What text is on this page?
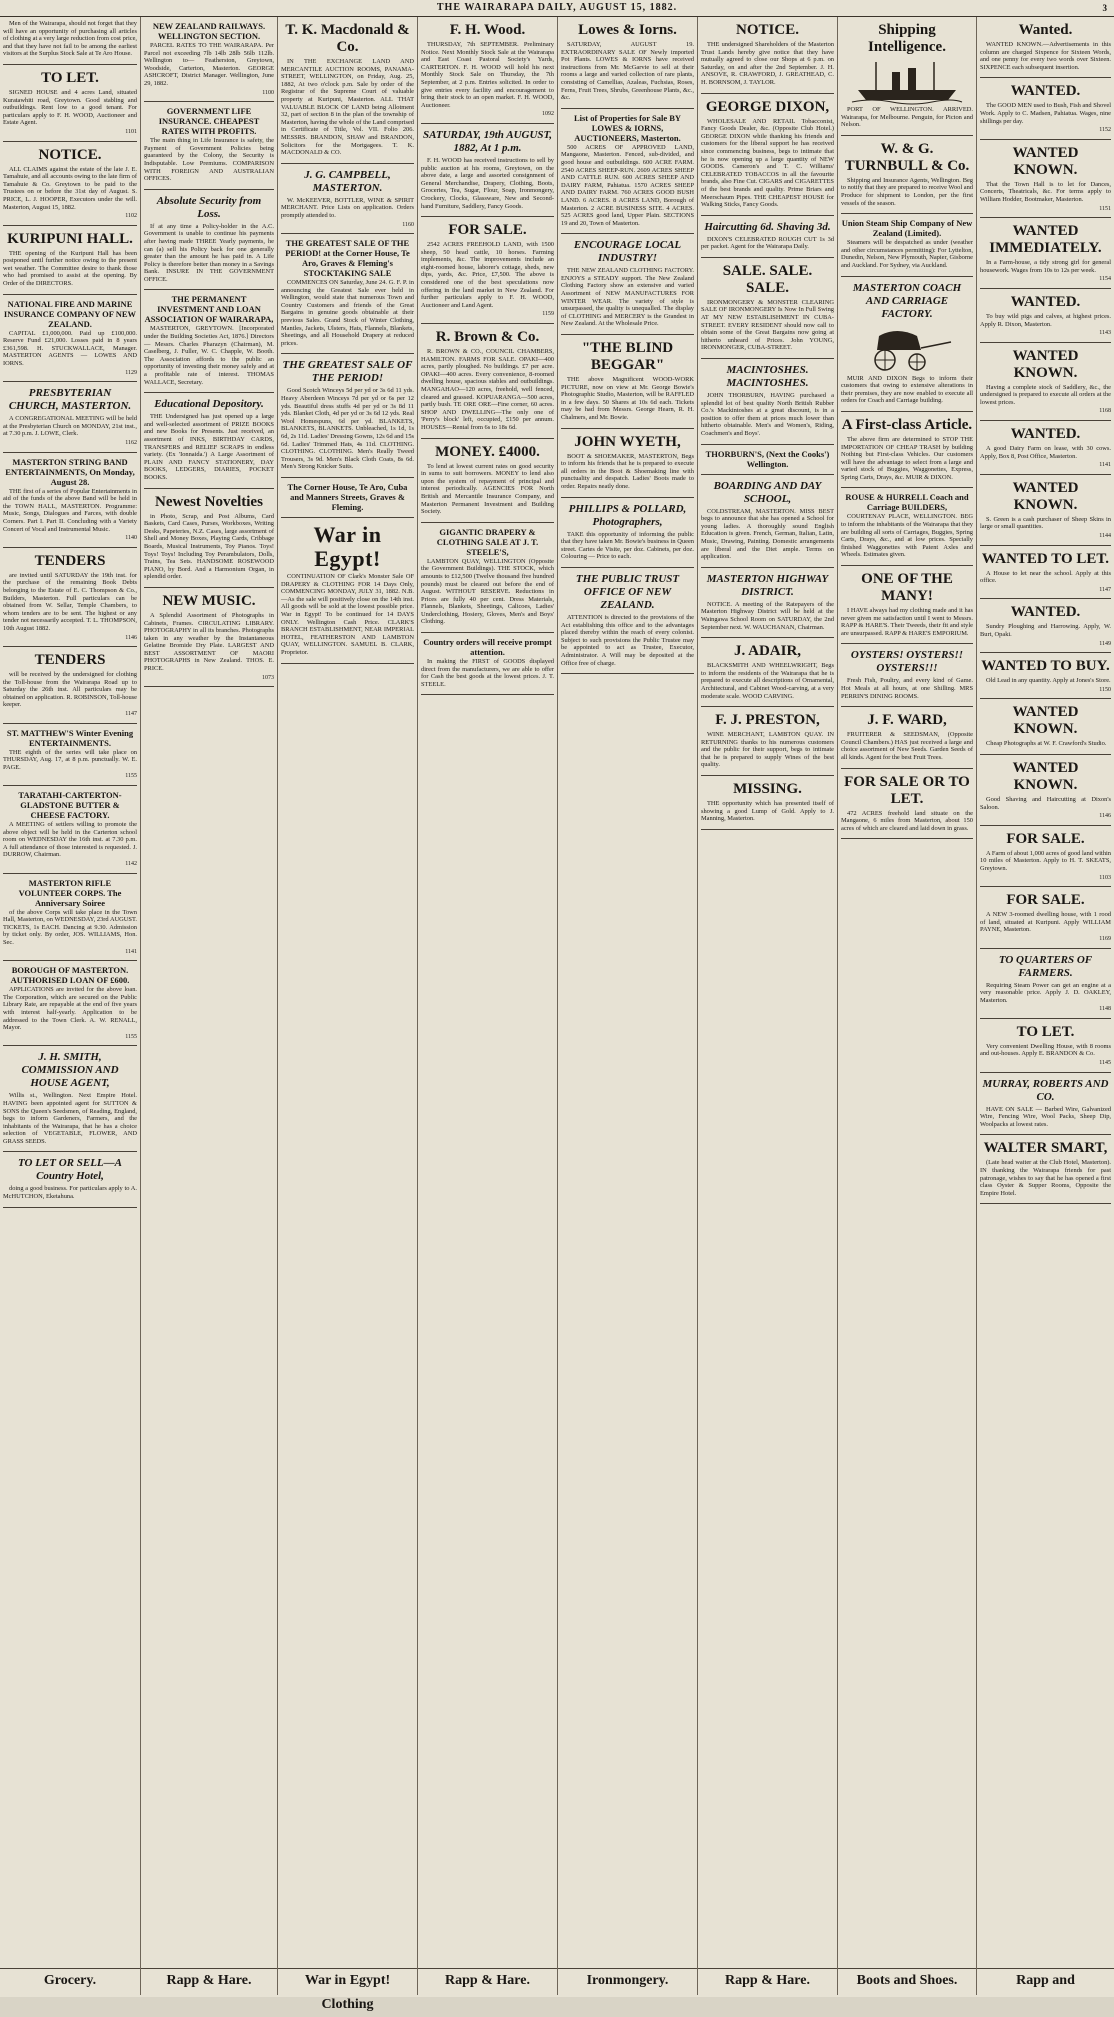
THE WAIRARAPA DAILY, AUGUST 15, 1882.	3

Men of the Wairarapa, should not forget that they will have an opportunity of purchasing all articles of clothing at a very large reduction from cost price, and that they have not fail to be among the earliest visitors at the Surplus Stock Sale at Te Aro House.

TO LET.

SIGNED HOUSE and 4 acres Land, situated Kuratawhiti road, Greytown. Good stabling and outbuildings. Rent low to a good tenant. For particulars apply to F. H. WOOD, Auctioneer and Estate Agent.

1101
NOTICE.

ALL CLAIMS against the estate of the late J. E. Tamahuie, and all accounts owing to the late firm of Tamahuie & Co. Greytown to be paid to the Trustees on or before the 31st day of August. S. PRICE, L. J. HOOPER, Executors under the will. Masterton, August 15, 1882.

1102
KURIPUNI HALL.

THE opening of the Kuripuni Hall has been postponed until further notice owing to the present wet weather. The Committee desire to thank those who had promised to assist at the opening. By Order of the DIRECTORS.

NATIONAL FIRE AND MARINE INSURANCE COMPANY OF NEW ZEALAND.

CAPITAL £1,000,000. Paid up £100,000. Reserve Fund £21,000. Losses paid in 8 years £361,598. H. STUCKWALLACE, Manager. MASTERTON AGENTS — LOWES AND IORNS.

1129
PRESBYTERIAN CHURCH, MASTERTON.

A CONGREGATIONAL MEETING will be held at the Presbyterian Church on MONDAY, 21st inst., at 7.30 p.m. J. LOWE, Clerk.

1162
MASTERTON STRING BAND ENTERTAINMENTS, On Monday, August 28.

THE first of a series of Popular Entertainments in aid of the funds of the above Band will be held in the TOWN HALL, MASTERTON. Programme: Music, Songs, Dialogues and Farces, with double Corners. Part I. Part II. Concluding with a Variety Concert of Vocal and Instrumental Music.

1140
TENDERS

are invited until SATURDAY the 19th inst. for the purchase of the remaining Book Debts belonging to the Estate of E. C. Thompson & Co., Builders, Masterton. Full particulars can be obtained from W. Sellar, Temple Chambers, to whom tenders are to be sent. The highest or any tender not necessarily accepted. T. L. THOMPSON, 10th August 1882.

1146
TENDERS

will be received by the undersigned for clothing the Toll-house from the Wairarapa Road up to Saturday the 26th inst. All particulars may be obtained on application. R. ROBINSON, Toll-house keeper.

1147
ST. MATTHEW'S Winter Evening ENTERTAINMENTS.

THE eighth of the series will take place on THURSDAY, Aug. 17, at 8 p.m. punctually. W. E. PAGE.

1155
TARATAHI-CARTERTON-GLADSTONE BUTTER & CHEESE FACTORY.

A MEETING of settlers willing to promote the above object will be held in the Carterton school room on WEDNESDAY the 16th inst. at 7.30 p.m. A full attendance of those interested is requested. J. DURROW, Chairman.

1142
MASTERTON RIFLE VOLUNTEER CORPS. The Anniversary Soiree

of the above Corps will take place in the Town Hall, Masterton, on WEDNESDAY, 23rd AUGUST. TICKETS, 1s EACH. Dancing at 9.30. Admission by ticket only. By order, JOS. WILLIAMS, Hon. Sec.

1141
BOROUGH OF MASTERTON. AUTHORISED LOAN OF £600.

APPLICATIONS are invited for the above loan. The Corporation, which are secured on the Public Library Rate, are repayable at the end of five years with interest half-yearly. Application to be addressed to the Town Clerk. A. W. RENALL, Mayor.

1155
J. H. SMITH, COMMISSION AND HOUSE AGENT,

Willis st., Wellington. Next Empire Hotel. HAVING been appointed agent for SUTTON & SONS the Queen's Seedsmen, of Reading, England, begs to inform Gardeners, Farmers, and the inhabitants of the Wairarapa, that he has a choice selection of VEGETABLE, FLOWER, AND GRASS SEEDS.

TO LET OR SELL—A Country Hotel,

doing a good business. For particulars apply to A. McHUTCHON, Eketahuna.

Grocery.
NEW ZEALAND RAILWAYS. WELLINGTON SECTION.

PARCEL RATES TO THE WAIRARAPA. Per Parcel not exceeding 7lb 14lb 28lb 56lb 112lb. Wellington to— Featherston, Greytown, Woodside, Carterton, Masterton. GEORGE ASHCROFT, District Manager. Wellington, June 29, 1882.

1100
GOVERNMENT LIFE INSURANCE. CHEAPEST RATES WITH PROFITS.

The main thing in Life Insurance is safety, the Payment of Government Policies being guaranteed by the Colony, the Security is Indisputable. Low Premiums. COMPARISON WITH FOREIGN AND AUSTRALIAN OFFICES.

Absolute Security from Loss.

If at any time a Policy-holder in the A.C. Government is unable to continue his payments after having made THREE Yearly payments, he can (a) sell his Policy back for one generally greater than the amount he has paid in. A Life Policy is therefore better than money in a Savings Bank. INSURE IN THE GOVERNMENT OFFICE.

THE PERMANENT INVESTMENT AND LOAN ASSOCIATION OF WAIRARAPA,

MASTERTON, GREYTOWN. [Incorporated under the Building Societies Act, 1876.] Directors — Messrs. Charles Pharazyn (Chairman), M. Caselberg, J. Fuller, W. C. Chapple, W. Booth. The Association affords to the public an opportunity of investing their money safely and at a profitable rate of interest. THOMAS WALLACE, Secretary.

Educational Depository.

THE Undersigned has just opened up a large and well-selected assortment of PRIZE BOOKS and new Books for Presents. Just received, an assortment of INKS, BIRTHDAY CARDS, TRANSFERS and RELIEF SCRAPS in endless variety. (Ex 'Ionnaida.') A Large Assortment of PLAIN AND FANCY STATIONERY, DAY BOOKS, LEDGERS, DIARIES, POCKET BOOKS.

Newest Novelties

in Photo, Scrap, and Post Albums, Card Baskets, Card Cases, Purses, Workboxes, Writing Desks, Papeteries, N.Z. Cases, large assortment of Shell and Money Boxes, Playing Cards, Cribbage Boards, Musical Instruments, Toy Pianos. Toys! Toys! Toys! Including Toy Perambulators, Dolls, Trains, Tea Sets. HANDSOME ROSEWOOD PIANO, by Bord. And a Harmonium Organ, in splendid order.

NEW MUSIC.

A Splendid Assortment of Photographs in Cabinets, Frames. CIRCULATING LIBRARY. PHOTOGRAPHY in all its branches. Photographs taken in any weather by the Instantaneous Gelatine Bromide Dry Plate. LARGEST AND BEST ASSORTMENT OF MAORI PHOTOGRAPHS in New Zealand. THOS. E. PRICE.

1073
Rapp & Hare.
T. K. Macdonald & Co.

IN THE EXCHANGE LAND AND MERCANTILE AUCTION ROOMS, PANAMA-STREET, WELLINGTON, on Friday, Aug. 25, 1882, At two o'clock p.m. Sale by order of the Registrar of the Supreme Court of valuable property at Kuripuni, Masterton. ALL THAT VALUABLE BLOCK OF LAND being Allotment 32, part of section 8 in the plan of the township of Masterton, having the whole of the Land comprised in Certificate of Title, Vol. VII. Folio 206. MESSRS. BRANDON, SHAW and BRANDON, Solicitors for the Mortgagees. T. K. MACDONALD & CO.

J. G. CAMPBELL, MASTERTON.

W. McKEEVER, BOTTLER, WINE & SPIRIT MERCHANT. Price Lists on application. Orders promptly attended to.

1160
THE GREATEST SALE OF THE PERIOD! at the Corner House, Te Aro, Graves & Fleming's STOCKTAKING SALE

COMMENCES ON Saturday, June 24. G. F. P. in announcing the Greatest Sale ever held in Wellington, would state that numerous Town and Country Customers and friends of the Great Bargains in genuine goods obtainable at their previous Sales. Grand Stock of Winter Clothing, Mantles, Jackets, Ulsters, Hats, Flannels, Blankets, Sheetings, and all Household Drapery at reduced prices.

THE GREATEST SALE OF THE PERIOD!

Good Scotch Winceys 5d per yd or 3s 6d 11 yds. Heavy Aberdeen Winceys 7d per yd or 6s per 12 yds. Beautiful dress stuffs 4d per yd or 3s 8d 11 yds. Blanket Cloth, 4d per yd or 3s 6d 12 yds. Real Wool Homespuns, 6d per yd. BLANKETS, BLANKETS, BLANKETS. Unbleached, 1s 1d, 1s 6d, 2s 11d. Ladies' Dressing Gowns, 12s 6d and 15s 6d. Ladies' Trimmed Hats, 4s 11d. CLOTHING. CLOTHING. CLOTHING. Men's Really Tweed Trousers, 3s 9d. Men's Black Cloth Coats, 8s 6d. Men's Strong Knicker Suits.

The Corner House, Te Aro, Cuba and Manners Streets, Graves & Fleming.
War in Egypt!

CONTINUATION OF Clark's Monster Sale OF DRAPERY & CLOTHING FOR 14 Days Only, COMMENCING MONDAY, JULY 31, 1882. N.B.—As the sale will positively close on the 14th inst. All goods will be sold at the lowest possible price. War in Egypt! To be continued for 14 DAYS ONLY. Wellington Cash Price. CLARK'S BRANCH ESTABLISHMENT, NEAR IMPERIAL HOTEL, FEATHERSTON AND LAMBTON QUAY, WELLINGTON. SAMUEL B. CLARK, Proprietor.

War in Egypt! Clothing
F. H. Wood.

THURSDAY, 7th SEPTEMBER. Preliminary Notice. Next Monthly Stock Sale at the Wairarapa and East Coast Pastoral Society's Yards, CARTERTON. F. H. WOOD will hold his next Monthly Stock Sale on Thursday, the 7th September, at 2 p.m. Entries solicited. In order to give entries every facility and encouragement to bring their stock to an open market. F. H. WOOD, Auctioneer.

1092
SATURDAY, 19th AUGUST, 1882, At 1 p.m.

F. H. WOOD has received instructions to sell by public auction at his rooms, Greytown, on the above date, a large and assorted consignment of General Merchandise, Drapery, Clothing, Boots, Groceries, Tea, Sugar, Flour, Soap, Ironmongery, Crockery, Clocks, Glassware, New and Second-hand Furniture, Saddlery, Fancy Goods.

FOR SALE.

2542 ACRES FREEHOLD LAND, with 1500 sheep, 50 head cattle, 10 horses. Farming implements, &c. The improvements include an eight-roomed house, laborer's cottage, sheds, new dips, yards, &c. Price, £7,500. The above is considered one of the best speculations now offering in the land market in New Zealand. For further particulars apply to F. H. WOOD, Auctioneer and Land Agent.

1159
R. Brown & Co.

R. BROWN & CO., COUNCIL CHAMBERS, HAMILTON. FARMS FOR SALE. OPAKI—400 acres, partly ploughed. No buildings. £7 per acre. OPAKI—400 acres. Every convenience, 8-roomed dwelling house, spacious stables and outbuildings. MANGAHAO—120 acres, freehold, well fenced, cleared and grassed. KOPUARANGA—500 acres, partly bush. TE ORE ORE—Fine corner, 60 acres. SHOP AND DWELLING—The only one of 'Perry's block' left, occupied, £150 per annum. HOUSES—Rental from 6s to 18s 6d.

MONEY. £4000.

To lend at lowest current rates on good security in sums to suit borrowers. MONEY to lend also upon the system of repayment of principal and interest periodically. AGENCIES FOR North British and Mercantile Insurance Company, and Masterton Permanent Investment and Building Society.

GIGANTIC DRAPERY & CLOTHING SALE AT J. T. STEELE'S,

LAMBTON QUAY, WELLINGTON (Opposite the Government Buildings). THE STOCK, which amounts to £12,500 (Twelve thousand five hundred pounds) must be cleared out before the end of August. WITHOUT RESERVE. Reductions in Prices are fully 40 per cent. Dress Materials, Flannels, Blankets, Sheetings, Calicoes, Ladies' Underclothing, Hosiery, Gloves, Men's and Boys' Clothing.

Country orders will receive prompt attention.

In making the FIRST of GOODS displayed direct from the manufacturers, we are able to offer for Cash the best goods at the lowest prices. J. T. STEELE.

Rapp & Hare.
Lowes & Iorns.

SATURDAY, AUGUST 19. EXTRAORDINARY SALE OF Newly imported Pot Plants. LOWES & IORNS have received instructions from Mr. McGarvie to sell at their rooms a large and varied collection of rare plants, consisting of Camellias, Azaleas, Fuchsias, Roses, Ferns, Fruit Trees, Shrubs, Greenhouse Plants, &c., &c.

List of Properties for Sale BY LOWES & IORNS, AUCTIONEERS, Masterton.

500 ACRES OF APPROVED LAND, Mangaone, Masterton. Fenced, sub-divided, and good house and outbuildings. 600 ACRE FARM. 2540 ACRES SHEEP-RUN. 2609 ACRES SHEEP AND CATTLE RUN. 600 ACRES SHEEP AND DAIRY FARM, Pahiatua. 1570 ACRES SHEEP AND DAIRY FARM. 760 ACRES GOOD BUSH LAND. 6 ACRES. 8 ACRES LAND, Borough of Masterton. 2 ACRE BUSINESS SITE. 4 ACRES. 525 ACRES good land, Upper Plain. SECTIONS 19 and 20, Town of Masterton.

ENCOURAGE LOCAL INDUSTRY!

THE NEW ZEALAND CLOTHING FACTORY. ENJOYS a STEADY support. The New Zealand Clothing Factory show an extensive and varied Assortment of NEW MANUFACTURES FOR WINTER WEAR. The variety of style is unsurpassed, the quality is unequalled. The display of CLOTHING and MERCERY is the Grandest in New Zealand. At the Wholesale Price.

"THE BLIND BEGGAR"

THE above Magnificent WOOD-WORK PICTURE, now on view at Mr. George Bowie's Photographic Studio, Masterton, will be RAFFLED in a few days. 50 Shares at 10s 6d each. Tickets may be had from Messrs. George Hearn, R. H. Chalmers, and Mr. Bowie.

JOHN WYETH,

BOOT & SHOEMAKER, MASTERTON, Begs to inform his friends that he is prepared to execute all orders in the Boot & Shoemaking line with punctuality and despatch. Ladies' Boots made to order. Repairs neatly done.

PHILLIPS & POLLARD, Photographers,

TAKE this opportunity of informing the public that they have taken Mr. Bowie's business in Queen street. Cartes de Visite, per doz. Cabinets, per doz. Colouring — Price to each.

THE PUBLIC TRUST OFFICE OF NEW ZEALAND.

ATTENTION is directed to the provisions of the Act establishing this office and to the advantages placed thereby within the reach of every colonist. Subject to such provisions the Public Trustee may be appointed to act as Trustee, Executor, Administrator. A Will may be deposited at the Office free of charge.

Ironmongery.
NOTICE.

THE undersigned Shareholders of the Masterton Trust Lands hereby give notice that they have mutually agreed to close our Shops at 6 p.m. on Saturday, on and after the 2nd September. J. H. ANSOVE, R. CRAWFORD, J. GREATHEAD, C. H. BORNSOM, J. TAYLOR.

GEORGE DIXON,

WHOLESALE AND RETAIL Tobacconist, Fancy Goods Dealer, &c. (Opposite Club Hotel.) GEORGE DIXON while thanking his friends and customers for the liberal support he has received since commencing business, begs to intimate that he is now opening up a large quantity of NEW GOODS. Cameron's and T. C. Williams' CELEBRATED TOBACCOS in all the favourite brands, also Fine Cut. CIGARS and CIGARETTES of the best brands and quality. Prime Briars and Meerschaum Pipes. THE CHEAPEST HOUSE for Walking Sticks, Fancy Goods.

Haircutting 6d. Shaving 3d.

DIXON'S CELEBRATED ROUGH CUT 1s 3d per packet. Agent for the Wairarapa Daily.

SALE. SALE. SALE.

IRONMONGERY & MONSTER CLEARING SALE OF IRONMONGERY Is Now In Full Swing AT MY NEW ESTABLISHMENT IN CUBA-STREET. EVERY RESIDENT should now call to obtain some of the Great Bargains now going at hitherto unheard of Prices. John YOUNG, IRONMONGER, CUBA-STREET.

MACINTOSHES. MACINTOSHES.

JOHN THORBURN, HAVING purchased a splendid lot of best quality North British Rubber Co.'s Mackintoshes at a great discount, is in a position to offer them at prices much lower than hitherto obtainable. Men's and Women's, Riding, Coachmen's and Boys'.

THORBURN'S, (Next the Cooks') Wellington.
BOARDING AND DAY SCHOOL,

COLDSTREAM, MASTERTON. MISS BEST begs to announce that she has opened a School for young ladies. A thoroughly sound English Education is given. French, German, Italian, Latin, Music, Drawing, Painting. Domestic arrangements are liberal and the Diet ample. Terms on application.

MASTERTON HIGHWAY DISTRICT.

NOTICE. A meeting of the Ratepayers of the Masterton Highway District will be held at the Waingawa School Room on SATURDAY, the 2nd September next. W. WAUCHANAN, Chairman.

J. ADAIR,

BLACKSMITH AND WHEELWRIGHT, Begs to inform the residents of the Wairarapa that he is prepared to execute all descriptions of Ornamental, Architectural, and Cabinet Wood-carving, at a very moderate scale. WOOD CARVING.

F. J. PRESTON,

WINE MERCHANT, LAMBTON QUAY. IN RETURNING thanks to his numerous customers and the public for their support, begs to intimate that he is prepared to supply Wines of the best quality.

MISSING.

THE opportunity which has presented itself of showing a good Lump of Gold. Apply to J. Manning, Masterton.

Rapp & Hare.
Shipping Intelligence.

PORT OF WELLINGTON. ARRIVED. Wairarapa, for Melbourne. Penguin, for Picton and Nelson.

W. & G. TURNBULL & Co.

Shipping and Insurance Agents, Wellington. Beg to notify that they are prepared to receive Wool and Produce for shipment to London, per the first vessels of the season.

Union Steam Ship Company of New Zealand (Limited).

Steamers will be despatched as under (weather and other circumstances permitting): For Lyttelton, Dunedin, Nelson, New Plymouth, Napier, Gisborne and Auckland. For Sydney, via Auckland.

MASTERTON COACH AND CARRIAGE FACTORY.

MUIR AND DIXON Begs to inform their customers that owing to extensive alterations in their premises, they are now enabled to execute all orders for Coach and Carriage building.

A First-class Article.

The above firm are determined to STOP THE IMPORTATION OF CHEAP TRASH by building Nothing but First-class Vehicles. Our customers will have the advantage to select from a large and varied stock of Buggies, Waggonettes, Express, Spring Carts, Drays, &c. MUIR & DIXON.

ROUSE & HURRELL Coach and Carriage BUILDERS,

COURTENAY PLACE, WELLINGTON. BEG to inform the inhabitants of the Wairarapa that they are building all sorts of Carriages, Buggies, Spring Carts, Drays, &c., and at low prices. Specially finished Waggonettes with Patent Axles and Wheels. Estimates given.

ONE OF THE MANY!

I HAVE always had my clothing made and it has never given me satisfaction until I went to Messrs. RAPP & HARE'S. Their Tweeds, their fit and style are unsurpassed. RAPP & HARE'S EMPORIUM.

OYSTERS! OYSTERS!! OYSTERS!!!

Fresh Fish, Poultry, and every kind of Game. Hot Meals at all hours, at one Shilling. MRS PERRIN'S DINING ROOMS.

J. F. WARD,

FRUITERER & SEEDSMAN, (Opposite Council Chambers.) HAS just received a large and choice assortment of New Seeds. Garden Seeds of all kinds. Agent for the best Fruit Trees.

FOR SALE OR TO LET.

472 ACRES freehold land situate on the Mangaone, 6 miles from Masterton, about 150 acres of which are cleared and laid down in grass.

Boots and Shoes.
Wanted.

WANTED KNOWN.—Advertisements in this column are charged Sixpence for Sixteen Words, and one penny for every two words over Sixteen. SIXPENCE each subsequent insertion.

WANTED.

The GOOD MEN used to Bush, Fish and Shovel Work. Apply to C. Madsen, Pahiatua. Wages, nine shillings per day.

1152
WANTED KNOWN.

That the Town Hall is to let for Dances, Concerts, Theatricals, &c. For terms apply to William Hodder, Bootmaker, Masterton.

1151
WANTED IMMEDIATELY.

In a Farm-house, a tidy strong girl for general housework. Wages from 10s to 12s per week.

1154
WANTED.

To buy wild pigs and calves, at highest prices. Apply R. Dixon, Masterton.

1143
WANTED KNOWN.

Having a complete stock of Saddlery, &c., the undersigned is prepared to execute all orders at the lowest prices.

1168
WANTED.

A good Dairy Farm on lease, with 30 cows. Apply, Box 8, Post Office, Masterton.

1141
WANTED KNOWN.

S. Green is a cash purchaser of Sheep Skins in large or small quantities.

1144
WANTED TO LET.

A House to let near the school. Apply at this office.

1147
WANTED.

Sundry Ploughing and Harrowing. Apply, W. Burt, Opaki.

1149
WANTED TO BUY.

Old Lead in any quantity. Apply at Jones's Store.

1150
WANTED KNOWN.

Cheap Photographs at W. F. Crawford's Studio.

WANTED KNOWN.

Good Shaving and Haircutting at Dixon's Saloon.

1146
FOR SALE.

A Farm of about 1,000 acres of good land within 10 miles of Masterton. Apply to H. T. SKEATS, Greytown.

1103
FOR SALE.

A NEW 3-roomed dwelling house, with 1 rood of land, situated at Kuripuni. Apply WILLIAM PAYNE, Masterton.

1169
TO QUARTERS OF FARMERS.

Requiring Steam Power can get an engine at a very reasonable price. Apply J. D. OAKLEY, Masterton.

1148
TO LET.

Very convenient Dwelling House, with 8 rooms and out-houses. Apply E. BRANDON & Co.

1145
MURRAY, ROBERTS AND CO.

HAVE ON SALE — Barbed Wire, Galvanized Wire, Fencing Wire, Wool Packs, Sheep Dip, Woolpacks at lowest rates.

WALTER SMART,

(Late head waiter at the Club Hotel, Masterton). IN thanking the Wairarapa friends for past patronage, wishes to say that he has opened a first class Oyster & Supper Rooms, Opposite the Empire Hotel.

Rapp and
